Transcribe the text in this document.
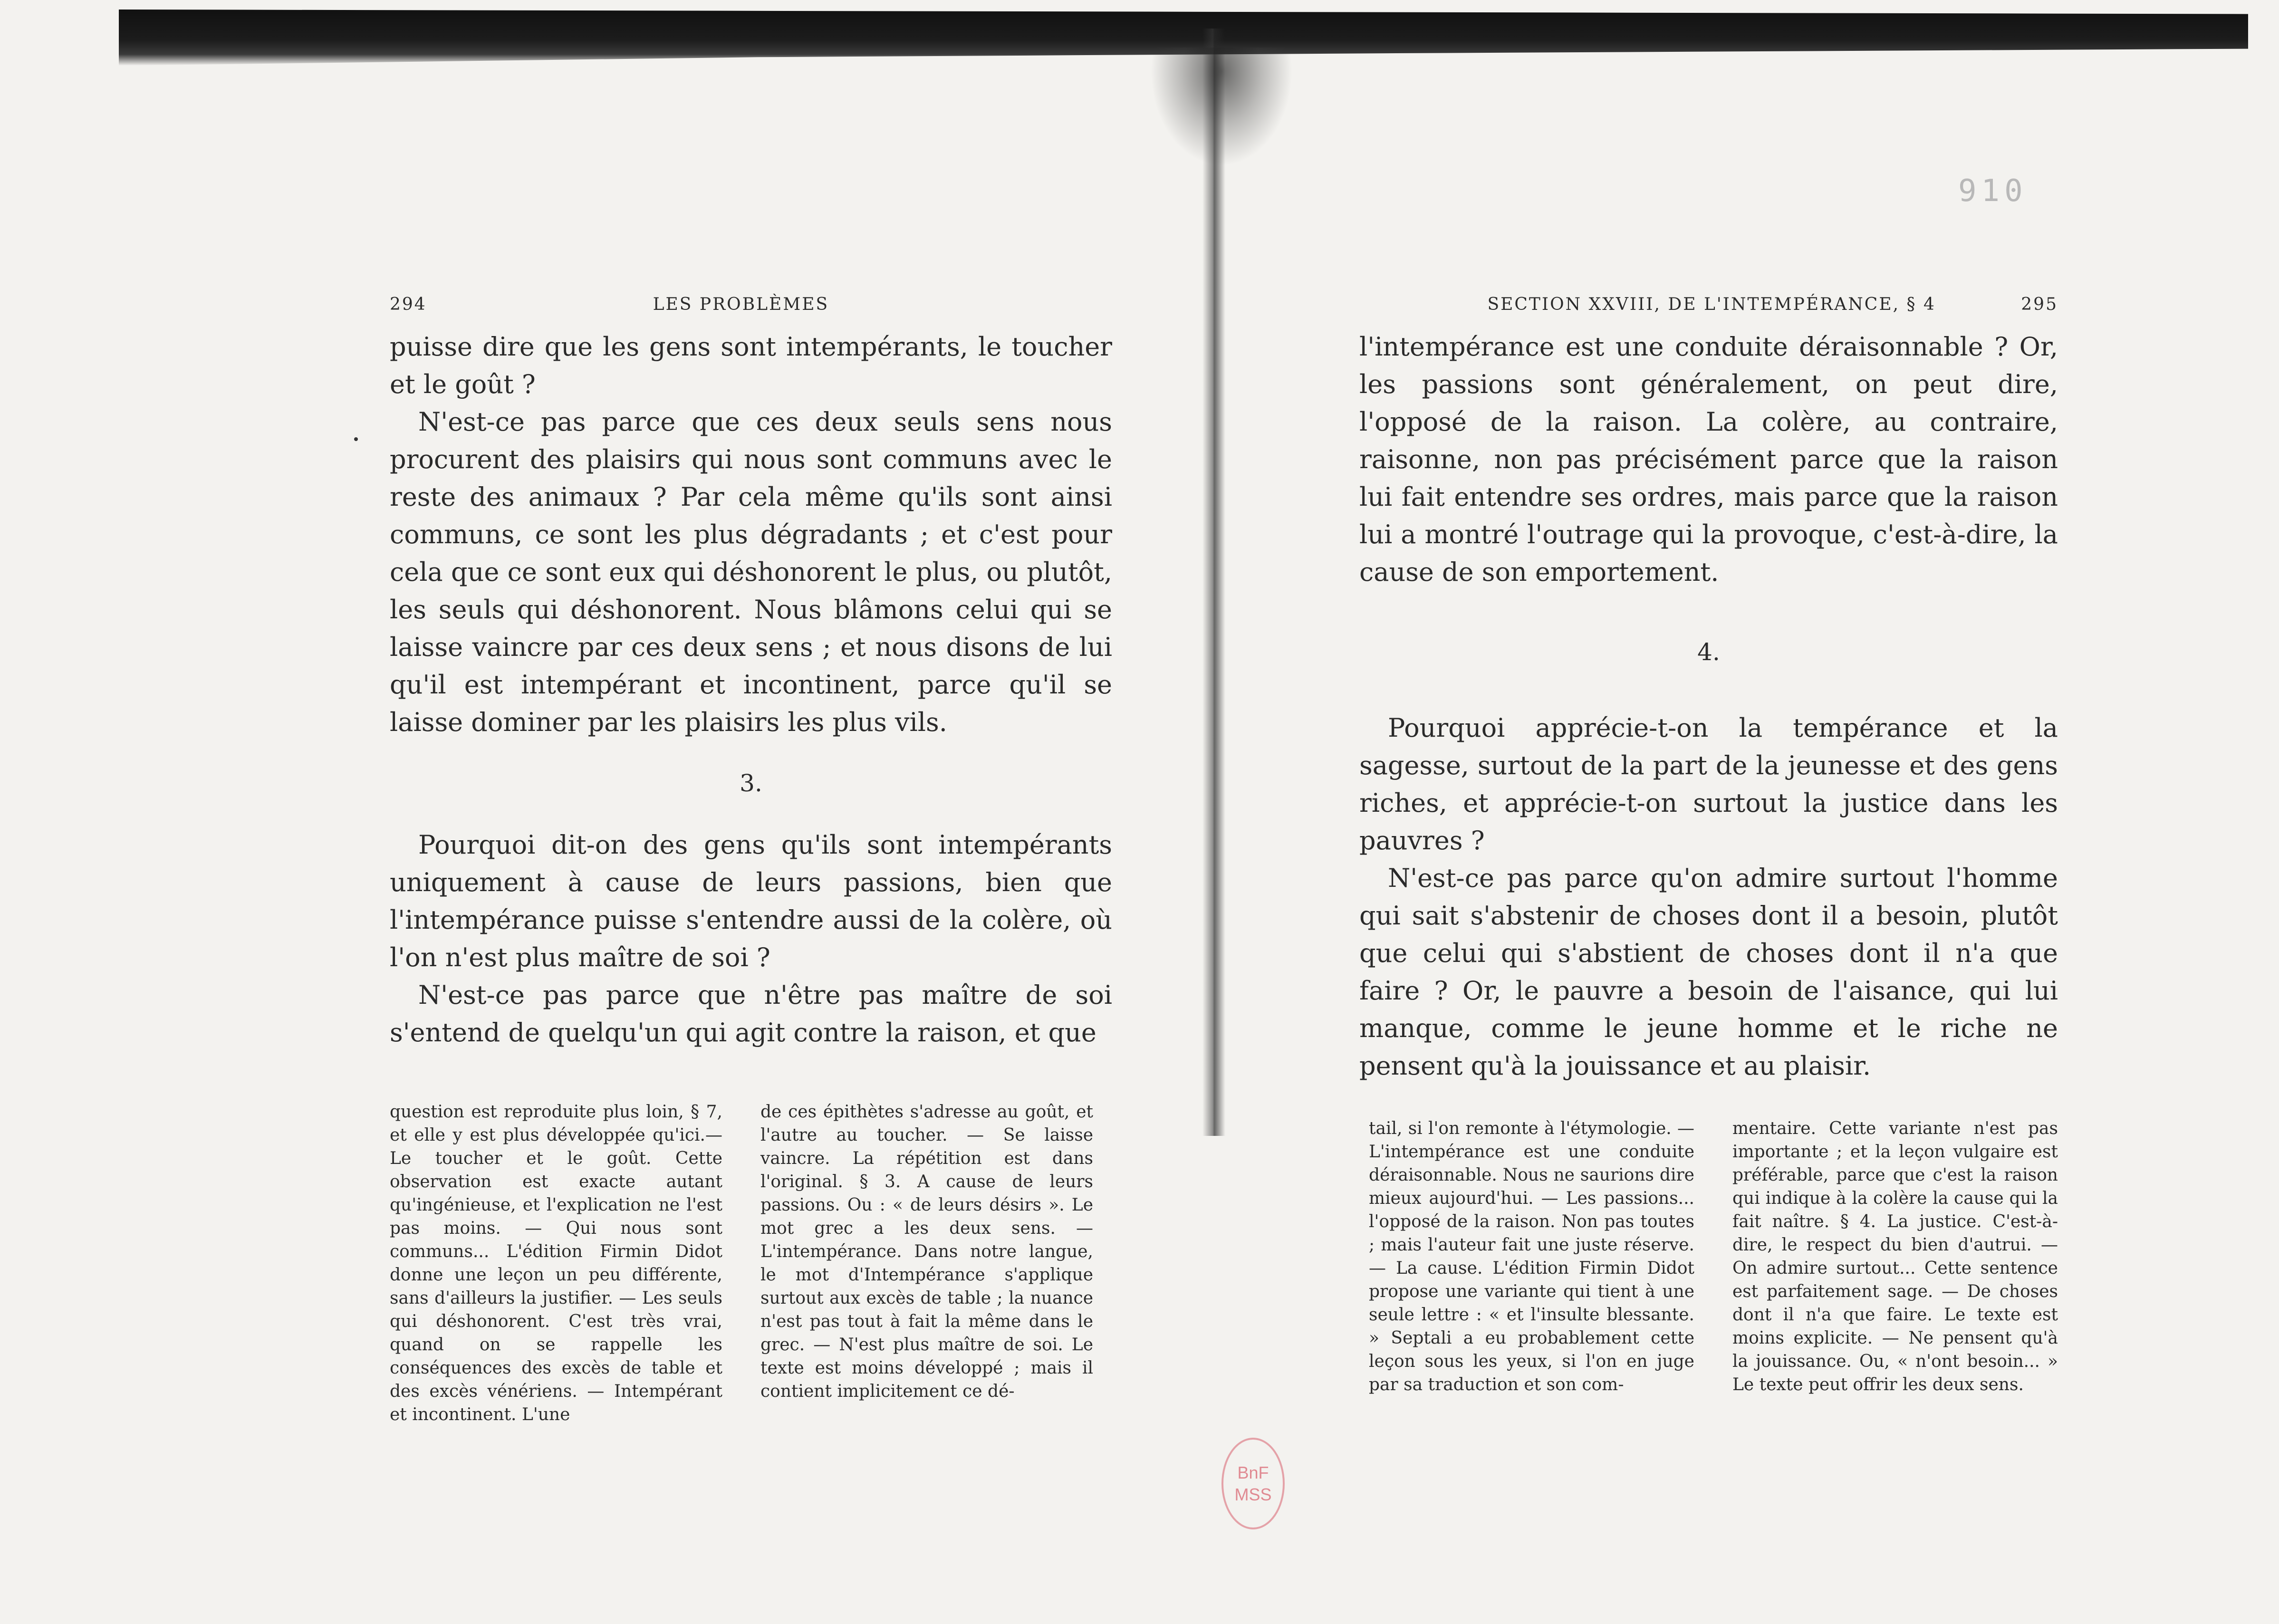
910
294	LES PROBLÈMES

puisse dire que les gens sont intempérants, le toucher et le goût ?

N'est-ce pas parce que ces deux seuls sens nous procurent des plaisirs qui nous sont communs avec le reste des animaux ? Par cela même qu'ils sont ainsi communs, ce sont les plus dégradants ; et c'est pour cela que ce sont eux qui déshonorent le plus, ou plutôt, les seuls qui déshonorent. Nous blâmons celui qui se laisse vaincre par ces deux sens ; et nous disons de lui qu'il est intempérant et incontinent, parce qu'il se laisse dominer par les plaisirs les plus vils.

3.

Pourquoi dit-on des gens qu'ils sont intempérants uniquement à cause de leurs passions, bien que l'intempérance puisse s'entendre aussi de la colère, où l'on n'est plus maître de soi ?

N'est-ce pas parce que n'être pas maître de soi s'entend de quelqu'un qui agit contre la raison, et que

question est reproduite plus loin, § 7, et elle y est plus développée qu'ici.— Le toucher et le goût. Cette observation est exacte autant qu'ingénieuse, et l'explication ne l'est pas moins. — Qui nous sont communs... L'édition Firmin Didot donne une leçon un peu différente, sans d'ailleurs la justifier. — Les seuls qui déshonorent. C'est très vrai, quand on se rappelle les conséquences des excès de table et des excès vénériens. — Intempérant et incontinent. L'une

de ces épithètes s'adresse au goût, et l'autre au toucher. — Se laisse vaincre. La répétition est dans l'original. § 3. A cause de leurs passions. Ou : « de leurs désirs ». Le mot grec a les deux sens. — L'intempérance. Dans notre langue, le mot d'Intempérance s'applique surtout aux excès de table ; la nuance n'est pas tout à fait la même dans le grec. — N'est plus maître de soi. Le texte est moins développé ; mais il contient implicitement ce dé-

SECTION XXVIII, DE L'INTEMPÉRANCE, § 4	295

l'intempérance est une conduite déraisonnable ? Or, les passions sont généralement, on peut dire, l'opposé de la raison. La colère, au contraire, raisonne, non pas précisément parce que la raison lui fait entendre ses ordres, mais parce que la raison lui a montré l'outrage qui la provoque, c'est-à-dire, la cause de son emportement.

4.

Pourquoi apprécie-t-on la tempérance et la sagesse, surtout de la part de la jeunesse et des gens riches, et apprécie-t-on surtout la justice dans les pauvres ?

N'est-ce pas parce qu'on admire surtout l'homme qui sait s'abstenir de choses dont il a besoin, plutôt que celui qui s'abstient de choses dont il n'a que faire ? Or, le pauvre a besoin de l'aisance, qui lui manque, comme le jeune homme et le riche ne pensent qu'à la jouissance et au plaisir.

tail, si l'on remonte à l'étymologie. — L'intempérance est une conduite déraisonnable. Nous ne saurions dire mieux aujourd'hui. — Les passions... l'opposé de la raison. Non pas toutes ; mais l'auteur fait une juste réserve. — La cause. L'édition Firmin Didot propose une variante qui tient à une seule lettre : « et l'insulte blessante. » Septali a eu probablement cette leçon sous les yeux, si l'on en juge par sa traduction et son com-

mentaire. Cette variante n'est pas importante ; et la leçon vulgaire est préférable, parce que c'est la raison qui indique à la colère la cause qui la fait naître. § 4. La justice. C'est-à-dire, le respect du bien d'autrui. — On admire surtout... Cette sentence est parfaitement sage. — De choses dont il n'a que faire. Le texte est moins explicite. — Ne pensent qu'à la jouissance. Ou, « n'ont besoin... » Le texte peut offrir les deux sens.

BnF
MSS
